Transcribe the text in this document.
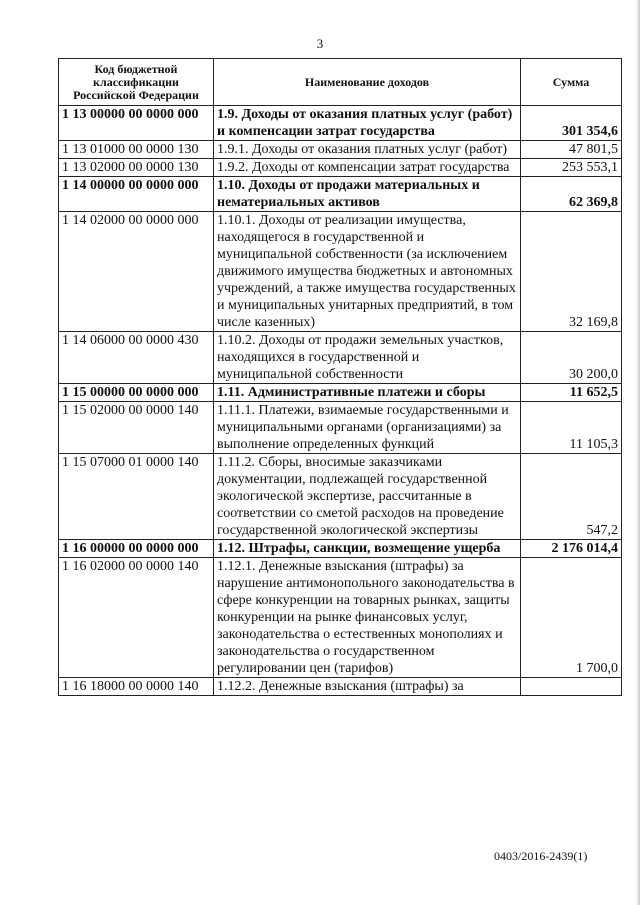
3
Код бюджетной классификации Российской Федерации	Наименование доходов	Сумма
1 13 00000 00 0000 000	1.9. Доходы от оказания платных услуг (работ) и компенсации затрат государства	301 354,6
1 13 01000 00 0000 130	1.9.1. Доходы от оказания платных услуг (работ)	47 801,5
1 13 02000 00 0000 130	1.9.2. Доходы от компенсации затрат государства	253 553,1
1 14 00000 00 0000 000	1.10. Доходы от продажи материальных и нематериальных активов	62 369,8
1 14 02000 00 0000 000	1.10.1. Доходы от реализации имущества, находящегося в государственной и муниципальной собственности (за исключением движимого имущества бюджетных и автономных учреждений, а также имущества государственных и муниципальных унитарных предприятий, в том числе казенных)	32 169,8
1 14 06000 00 0000 430	1.10.2. Доходы от продажи земельных участков, находящихся в государственной и муниципальной собственности	30 200,0
1 15 00000 00 0000 000	1.11. Административные платежи и сборы	11 652,5
1 15 02000 00 0000 140	1.11.1. Платежи, взимаемые государственными и муниципальными органами (организациями) за выполнение определенных функций	11 105,3
1 15 07000 01 0000 140	1.11.2. Сборы, вносимые заказчиками документации, подлежащей государственной экологической экспертизе, рассчитанные в соответствии со сметой расходов на проведение государственной экологической экспертизы	547,2
1 16 00000 00 0000 000	1.12. Штрафы, санкции, возмещение ущерба	2 176 014,4
1 16 02000 00 0000 140	1.12.1. Денежные взыскания (штрафы) за нарушение антимонопольного законодательства в сфере конкуренции на товарных рынках, защиты конкуренции на рынке финансовых услуг, законодательства о естественных монополиях и законодательства о государственном регулировании цен (тарифов)	1 700,0
1 16 18000 00 0000 140	1.12.2. Денежные взыскания (штрафы) за	
0403/2016-2439(1)
